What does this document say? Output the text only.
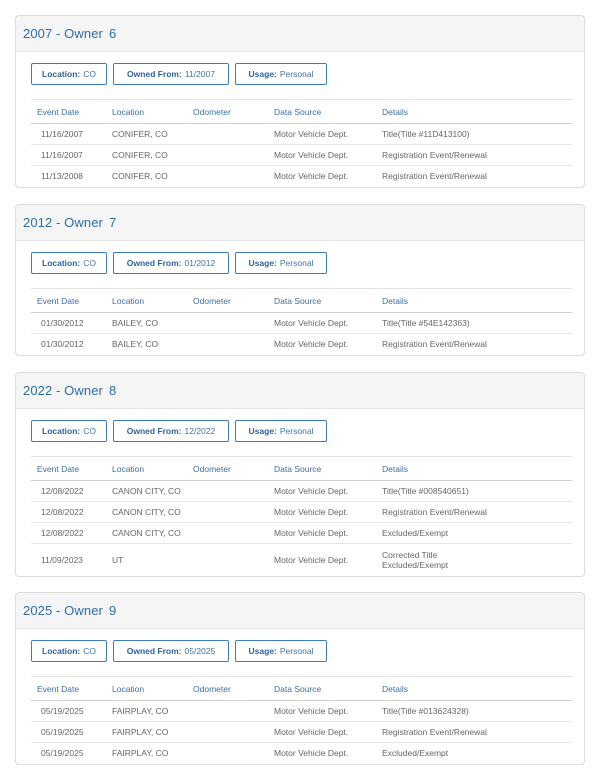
2007 - Owner 6
Location: CO	Owned From: 11/2007	Usage: Personal
Event Date	Location	Odometer	Data Source	Details
11/16/2007	CONIFER, CO		Motor Vehicle Dept.	Title(Title #11D413100)

11/16/2007	CONIFER, CO		Motor Vehicle Dept.	Registration Event/Renewal

11/13/2008	CONIFER, CO		Motor Vehicle Dept.	Registration Event/Renewal
2012 - Owner 7
Location: CO	Owned From: 01/2012	Usage: Personal
Event Date	Location	Odometer	Data Source	Details
01/30/2012	BAILEY, CO		Motor Vehicle Dept.	Title(Title #54E142363)

01/30/2012	BAILEY, CO		Motor Vehicle Dept.	Registration Event/Renewal
2022 - Owner 8
Location: CO	Owned From: 12/2022	Usage: Personal
Event Date	Location	Odometer	Data Source	Details
12/08/2022	CANON CITY, CO		Motor Vehicle Dept.	Title(Title #008540651)

12/08/2022	CANON CITY, CO		Motor Vehicle Dept.	Registration Event/Renewal

12/08/2022	CANON CITY, CO		Motor Vehicle Dept.	Excluded/Exempt

11/09/2023	UT		Motor Vehicle Dept.	Corrected Title
Excluded/Exempt
2025 - Owner 9
Location: CO	Owned From: 05/2025	Usage: Personal
Event Date	Location	Odometer	Data Source	Details
05/19/2025	FAIRPLAY, CO		Motor Vehicle Dept.	Title(Title #013624328)

05/19/2025	FAIRPLAY, CO		Motor Vehicle Dept.	Registration Event/Renewal

05/19/2025	FAIRPLAY, CO		Motor Vehicle Dept.	Excluded/Exempt
